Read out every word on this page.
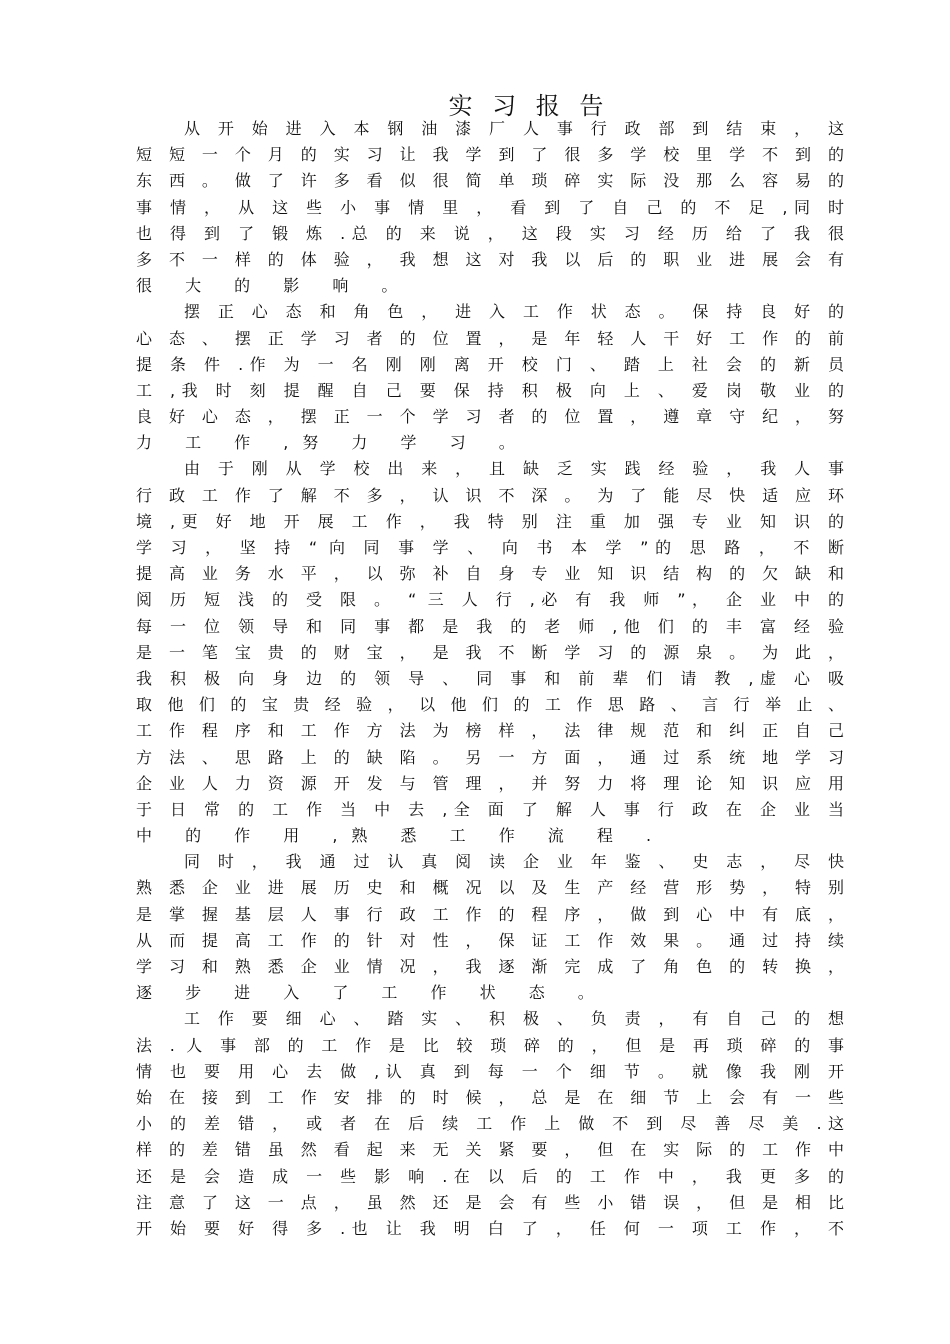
实 习 报 告
从 开 始 进 入 本 钢 油 漆 厂 人 事 行 政 部 到 结 束 ， 这
短 短 一 个 月 的 实 习 让 我 学 到 了 很 多 学 校 里 学 不 到 的
东 西 。 做 了 许 多 看 似 很 简 单 琐 碎 实 际 没 那 么 容 易 的
事 情 ， 从 这 些 小 事 情 里 ， 看 到 了 自 己 的 不 足 ,同 时
也 得 到 了 锻 炼 .总 的 来 说 ， 这 段 实 习 经 历 给 了 我 很
多 不 一 样 的 体 验 ， 我 想 这 对 我 以 后 的 职 业 进 展 会 有
很 大 的 影 响 。
摆 正 心 态 和 角 色 ， 进 入 工 作 状 态 。 保 持 良 好 的
心 态 、 摆 正 学 习 者 的 位 置 ， 是 年 轻 人 干 好 工 作 的 前
提 条 件 .作 为 一 名 刚 刚 离 开 校 门 、 踏 上 社 会 的 新 员
工 ,我 时 刻 提 醒 自 己 要 保 持 积 极 向 上 、 爱 岗 敬 业 的
良 好 心 态 ， 摆 正 一 个 学 习 者 的 位 置 ， 遵 章 守 纪 ， 努
力 工 作 ,努 力 学 习 。
由 于 刚 从 学 校 出 来 ， 且 缺 乏 实 践 经 验 ， 我 人 事
行 政 工 作 了 解 不 多 ， 认 识 不 深 。 为 了 能 尽 快 适 应 环
境 ,更 好 地 开 展 工 作 ， 我 特 别 注 重 加 强 专 业 知 识 的
学 习 ， 坚 持 “ 向 同 事 学 、 向 书 本 学 ”的 思 路 ， 不 断
提 高 业 务 水 平 ， 以 弥 补 自 身 专 业 知 识 结 构 的 欠 缺 和
阅 历 短 浅 的 受 限 。 “ 三 人 行 ,必 有 我 师 ”， 企 业 中 的
每 一 位 领 导 和 同 事 都 是 我 的 老 师 ,他 们 的 丰 富 经 验
是 一 笔 宝 贵 的 财 宝 ， 是 我 不 断 学 习 的 源 泉 。 为 此 ，
我 积 极 向 身 边 的 领 导 、 同 事 和 前 辈 们 请 教 ,虚 心 吸
取 他 们 的 宝 贵 经 验 ， 以 他 们 的 工 作 思 路 、 言 行 举 止 、
工 作 程 序 和 工 作 方 法 为 榜 样 ， 法 律 规 范 和 纠 正 自 己
方 法 、 思 路 上 的 缺 陷 。 另 一 方 面 ， 通 过 系 统 地 学 习
企 业 人 力 资 源 开 发 与 管 理 ， 并 努 力 将 理 论 知 识 应 用
于 日 常 的 工 作 当 中 去 ,全 面 了 解 人 事 行 政 在 企 业 当
中 的 作 用 ,熟 悉 工 作 流 程 .
同 时 ， 我 通 过 认 真 阅 读 企 业 年 鉴 、 史 志 ， 尽 快
熟 悉 企 业 进 展 历 史 和 概 况 以 及 生 产 经 营 形 势 ， 特 别
是 掌 握 基 层 人 事 行 政 工 作 的 程 序 ， 做 到 心 中 有 底 ，
从 而 提 高 工 作 的 针 对 性 ， 保 证 工 作 效 果 。 通 过 持 续
学 习 和 熟 悉 企 业 情 况 ， 我 逐 渐 完 成 了 角 色 的 转 换 ，
逐 步 进 入 了 工 作 状 态 。
工 作 要 细 心 、 踏 实 、 积 极 、 负 责 ， 有 自 己 的 想
法 . 人 事 部 的 工 作 是 比 较 琐 碎 的 ， 但 是 再 琐 碎 的 事
情 也 要 用 心 去 做 ,认 真 到 每 一 个 细 节 。 就 像 我 刚 开
始 在 接 到 工 作 安 排 的 时 候 ， 总 是 在 细 节 上 会 有 一 些
小 的 差 错 ， 或 者 在 后 续 工 作 上 做 不 到 尽 善 尽 美 .这
样 的 差 错 虽 然 看 起 来 无 关 紧 要 ， 但 在 实 际 的 工 作 中
还 是 会 造 成 一 些 影 响 .在 以 后 的 工 作 中 ， 我 更 多 的
注 意 了 这 一 点 ， 虽 然 还 是 会 有 些 小 错 误 ， 但 是 相 比
开 始 要 好 得 多 .也 让 我 明 白 了 ， 任 何 一 项 工 作 ， 不
